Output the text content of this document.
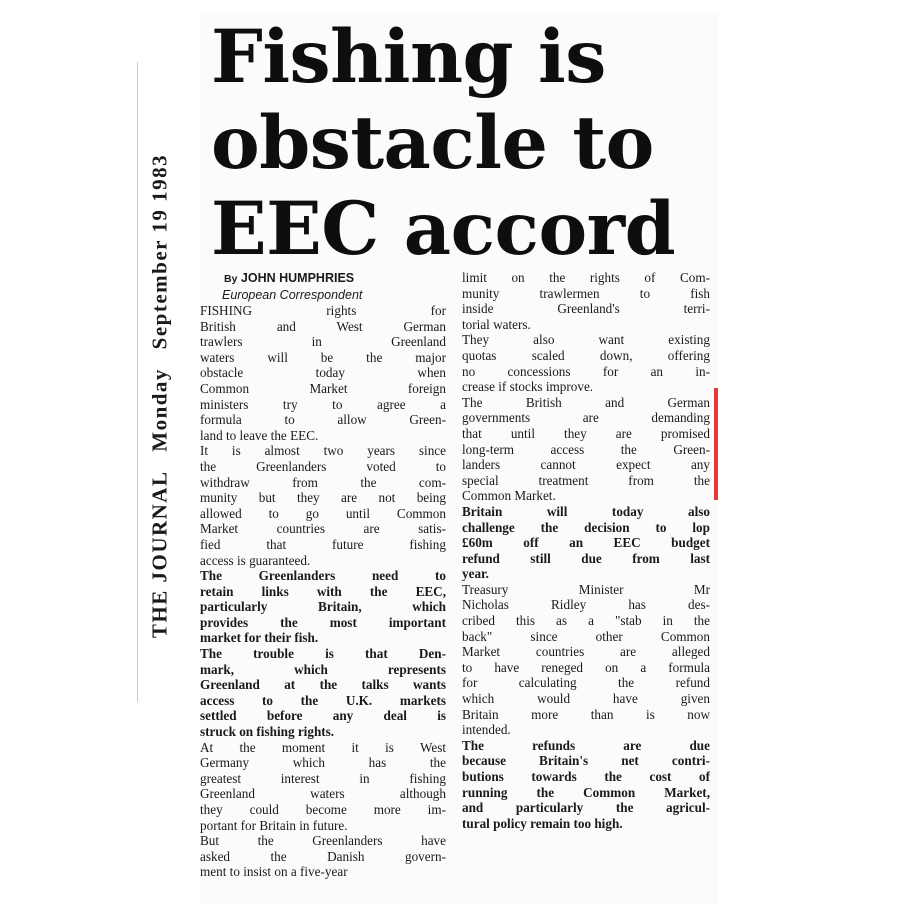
THE JOURNAL Monday September 19 1983
Fishing is
obstacle to
EEC accord
By JOHN HUMPHRIES
European Correspondent
FISHING rights for
British and West German
trawlers in Greenland
waters will be the major
obstacle today when
Common Market foreign
ministers try to agree a
formula to allow Green-
land to leave the EEC.
It is almost two years since
the Greenlanders voted to
withdraw from the com-
munity but they are not being
allowed to go until Common
Market countries are satis-
fied that future fishing
access is guaranteed.
The Greenlanders need to
retain links with the EEC,
particularly Britain, which
provides the most important
market for their fish.
The trouble is that Den-
mark, which represents
Greenland at the talks wants
access to the U.K. markets
settled before any deal is
struck on fishing rights.
At the moment it is West
Germany which has the
greatest interest in fishing
Greenland waters although
they could become more im-
portant for Britain in future.
But the Greenlanders have
asked the Danish govern-
ment to insist on a five-year
limit on the rights of Com-
munity trawlermen to fish
inside Greenland's terri-
torial waters.
They also want existing
quotas scaled down, offering
no concessions for an in-
crease if stocks improve.
The British and German
governments are demanding
that until they are promised
long-term access the Green-
landers cannot expect any
special treatment from the
Common Market.
Britain will today also
challenge the decision to lop
£60m off an EEC budget
refund still due from last
year.
Treasury Minister Mr
Nicholas Ridley has des-
cribed this as a "stab in the
back" since other Common
Market countries are alleged
to have reneged on a formula
for calculating the refund
which would have given
Britain more than is now
intended.
The refunds are due
because Britain's net contri-
butions towards the cost of
running the Common Market,
and particularly the agricul-
tural policy remain too high.
